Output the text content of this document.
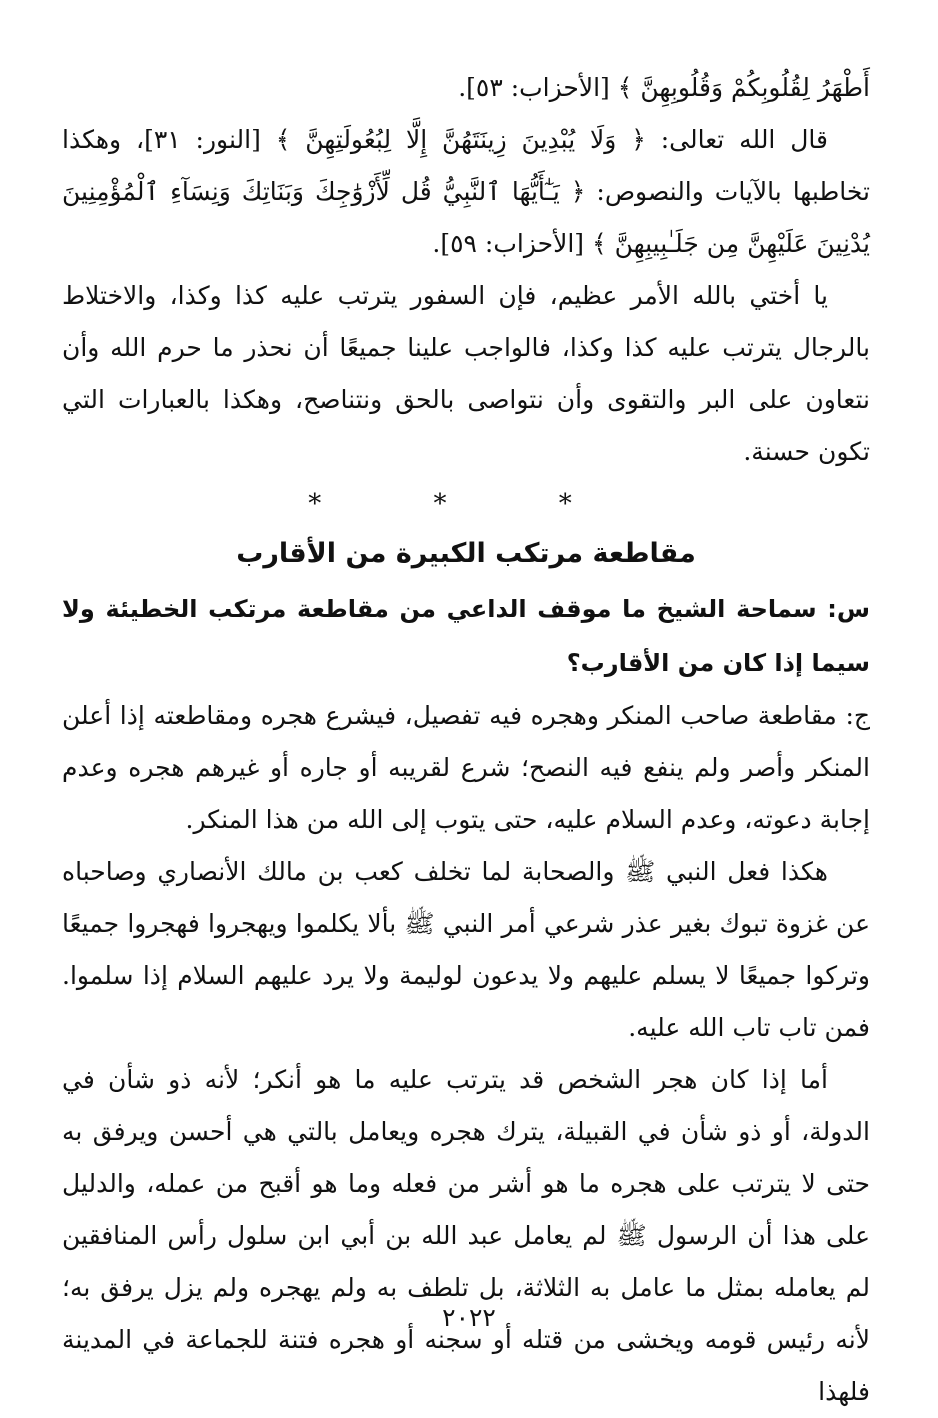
أَطْهَرُ لِقُلُوبِكُمْ وَقُلُوبِهِنَّ ﴾ [الأحزاب: ٥٣].

قال الله تعالى: ﴿ وَلَا يُبْدِينَ زِينَتَهُنَّ إِلَّا لِبُعُولَتِهِنَّ ﴾ [النور: ٣١]، وهكذا تخاطبها بالآيات والنصوص: ﴿ يَـٰٓأَيُّهَا ٱلنَّبِيُّ قُل لِّأَزْوَٰجِكَ وَبَنَاتِكَ وَنِسَآءِ ٱلْمُؤْمِنِينَ يُدْنِينَ عَلَيْهِنَّ مِن جَلَـٰبِيبِهِنَّ ﴾ [الأحزاب: ٥٩].

يا أختي بالله الأمر عظيم، فإن السفور يترتب عليه كذا وكذا، والاختلاط بالرجال يترتب عليه كذا وكذا، فالواجب علينا جميعًا أن نحذر ما حرم الله وأن نتعاون على البر والتقوى وأن نتواصى بالحق ونتناصح، وهكذا بالعبارات التي تكون حسنة.

* * *
مقاطعة مرتكب الكبيرة من الأقارب

س: سماحة الشيخ ما موقف الداعي من مقاطعة مرتكب الخطيئة ولا سيما إذا كان من الأقارب؟

ج: مقاطعة صاحب المنكر وهجره فيه تفصيل، فيشرع هجره ومقاطعته إذا أعلن المنكر وأصر ولم ينفع فيه النصح؛ شرع لقريبه أو جاره أو غيرهم هجره وعدم إجابة دعوته، وعدم السلام عليه، حتى يتوب إلى الله من هذا المنكر.

هكذا فعل النبي ﷺ والصحابة لما تخلف كعب بن مالك الأنصاري وصاحباه عن غزوة تبوك بغير عذر شرعي أمر النبي ﷺ بألا يكلموا ويهجروا فهجروا جميعًا وتركوا جميعًا لا يسلم عليهم ولا يدعون لوليمة ولا يرد عليهم السلام إذا سلموا. فمن تاب تاب الله عليه.

أما إذا كان هجر الشخص قد يترتب عليه ما هو أنكر؛ لأنه ذو شأن في الدولة، أو ذو شأن في القبيلة، يترك هجره ويعامل بالتي هي أحسن ويرفق به حتى لا يترتب على هجره ما هو أشر من فعله وما هو أقبح من عمله، والدليل على هذا أن الرسول ﷺ لم يعامل عبد الله بن أبي ابن سلول رأس المنافقين لم يعامله بمثل ما عامل به الثلاثة، بل تلطف به ولم يهجره ولم يزل يرفق به؛ لأنه رئيس قومه ويخشى من قتله أو سجنه أو هجره فتنة للجماعة في المدينة فلهذا

٢٠٢٢
